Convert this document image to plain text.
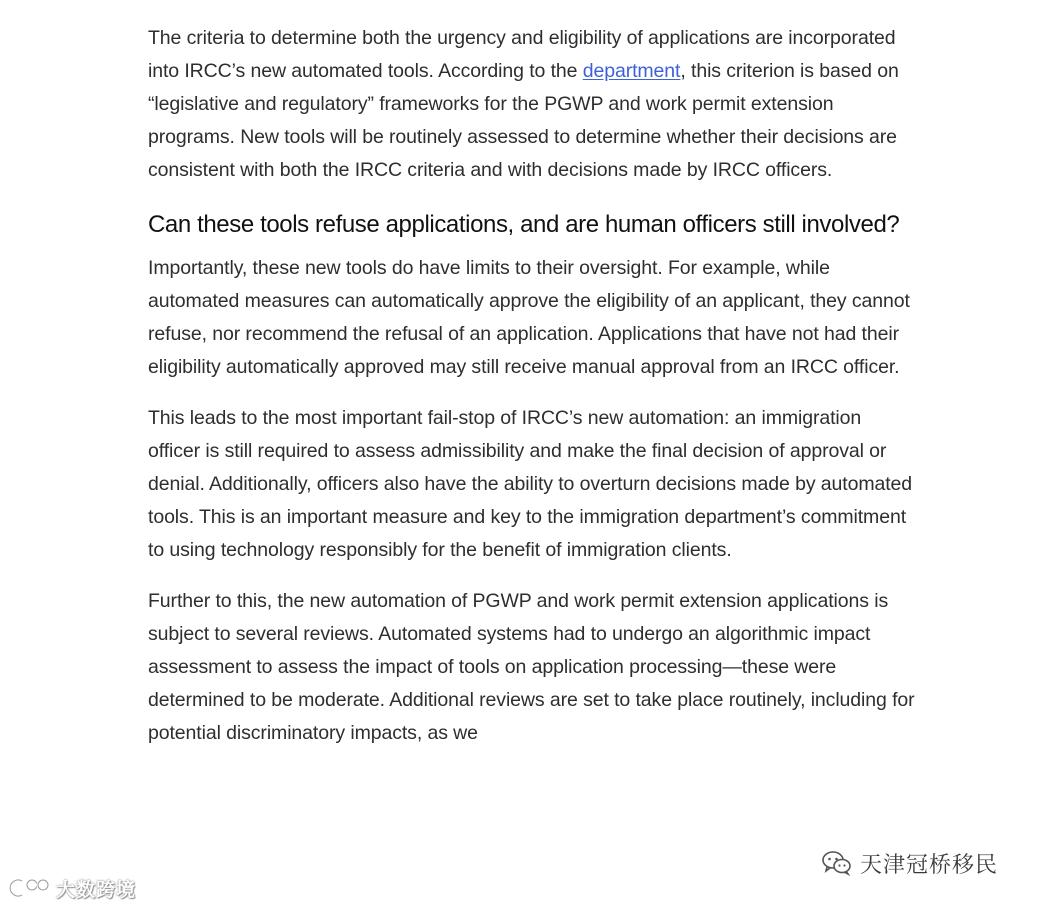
The criteria to determine both the urgency and eligibility of applications are incorporated into IRCC’s new automated tools. According to the department, this criterion is based on “legislative and regulatory” frameworks for the PGWP and work permit extension programs. New tools will be routinely assessed to determine whether their decisions are consistent with both the IRCC criteria and with decisions made by IRCC officers.

Can these tools refuse applications, and are human officers still involved?

Importantly, these new tools do have limits to their oversight. For example, while automated measures can automatically approve the eligibility of an applicant, they cannot refuse, nor recommend the refusal of an application. Applications that have not had their eligibility automatically approved may still receive manual approval from an IRCC officer.

This leads to the most important fail-stop of IRCC’s new automation: an immigration officer is still required to assess admissibility and make the final decision of approval or denial. Additionally, officers also have the ability to overturn decisions made by automated tools. This is an important measure and key to the immigration department’s commitment to using technology responsibly for the benefit of immigration clients.

Further to this, the new automation of PGWP and work permit extension applications is subject to several reviews. Automated systems had to undergo an algorithmic impact assessment to assess the impact of tools on application processing—these were determined to be moderate. Additional reviews are set to take place routinely, including for potential discriminatory impacts, as we

天津冠桥移民
大数跨境
